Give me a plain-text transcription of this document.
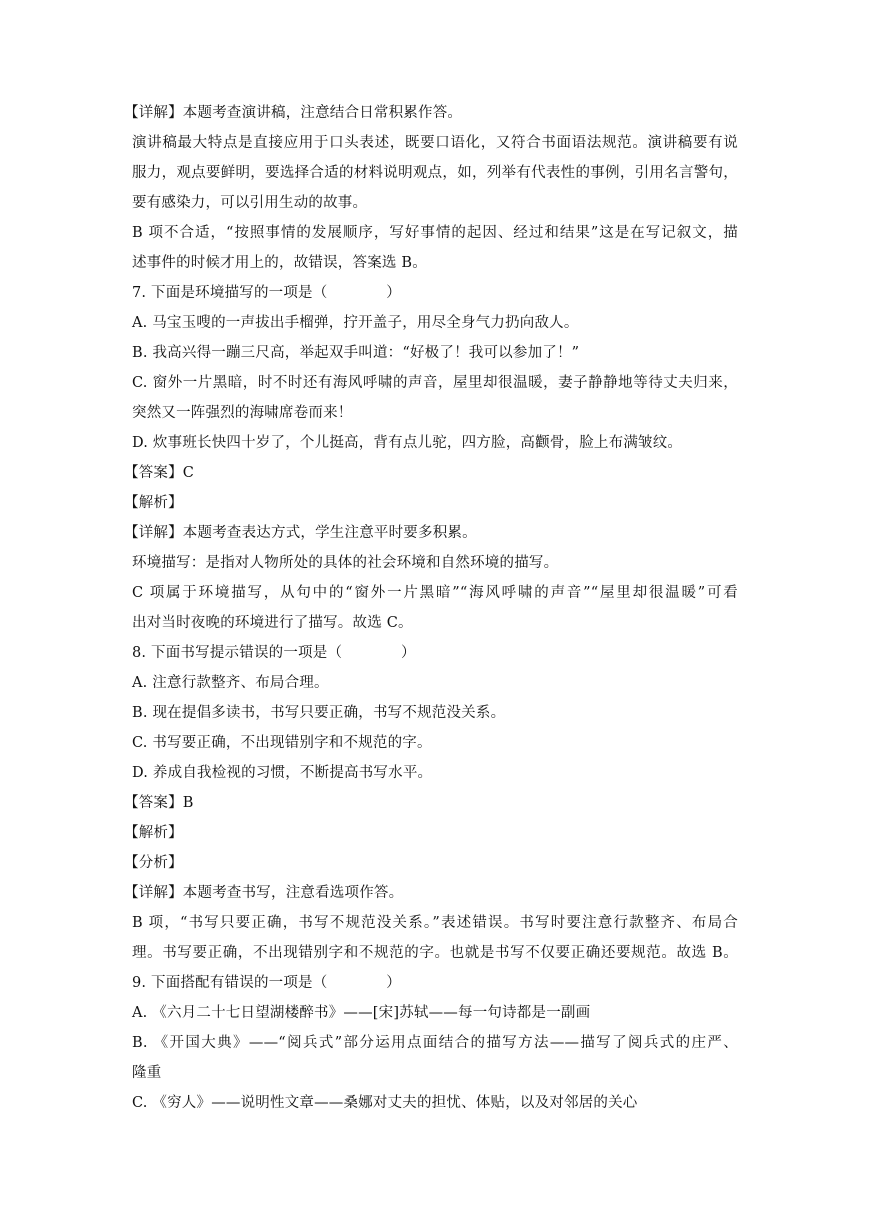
【详解】本题考查演讲稿，注意结合日常积累作答。
演讲稿最大特点是直接应用于口头表述，既要口语化，又符合书面语法规范。演讲稿要有说
服力，观点要鲜明，要选择合适的材料说明观点，如，列举有代表性的事例，引用名言警句，
要有感染力，可以引用生动的故事。
B 项不合适，“按照事情的发展顺序，写好事情的起因、经过和结果”这是在写记叙文，描
述事件的时候才用上的，故错误，答案选 B。
7. 下面是环境描写的一项是（　　　　）
A. 马宝玉嗖的一声拔出手榴弹，拧开盖子，用尽全身气力扔向敌人。
B. 我高兴得一蹦三尺高，举起双手叫道：“好极了！我可以参加了！”
C. 窗外一片黑暗，时不时还有海风呼啸的声音，屋里却很温暖，妻子静静地等待丈夫归来，
突然又一阵强烈的海啸席卷而来！
D. 炊事班长快四十岁了，个儿挺高，背有点儿驼，四方脸，高颧骨，脸上布满皱纹。
【答案】C
【解析】
【详解】本题考查表达方式，学生注意平时要多积累。
环境描写：是指对人物所处的具体的社会环境和自然环境的描写。
C 项属于环境描写，从句中的“窗外一片黑暗”“海风呼啸的声音”“屋里却很温暖”可看
出对当时夜晚的环境进行了描写。故选 C。
8. 下面书写提示错误的一项是（　　　　）
A. 注意行款整齐、布局合理。
B. 现在提倡多读书，书写只要正确，书写不规范没关系。
C. 书写要正确，不出现错别字和不规范的字。
D. 养成自我检视的习惯，不断提高书写水平。
【答案】B
【解析】
【分析】
【详解】本题考查书写，注意看选项作答。
B 项，“书写只要正确，书写不规范没关系。”表述错误。书写时要注意行款整齐、布局合
理。书写要正确，不出现错别字和不规范的字。也就是书写不仅要正确还要规范。故选 B。
9. 下面搭配有错误的一项是（　　　　）
A. 《六月二十七日望湖楼醉书》——[宋]苏轼——每一句诗都是一副画
B. 《开国大典》——“阅兵式”部分运用点面结合的描写方法——描写了阅兵式的庄严、
隆重
C. 《穷人》——说明性文章——桑娜对丈夫的担忧、体贴，以及对邻居的关心
